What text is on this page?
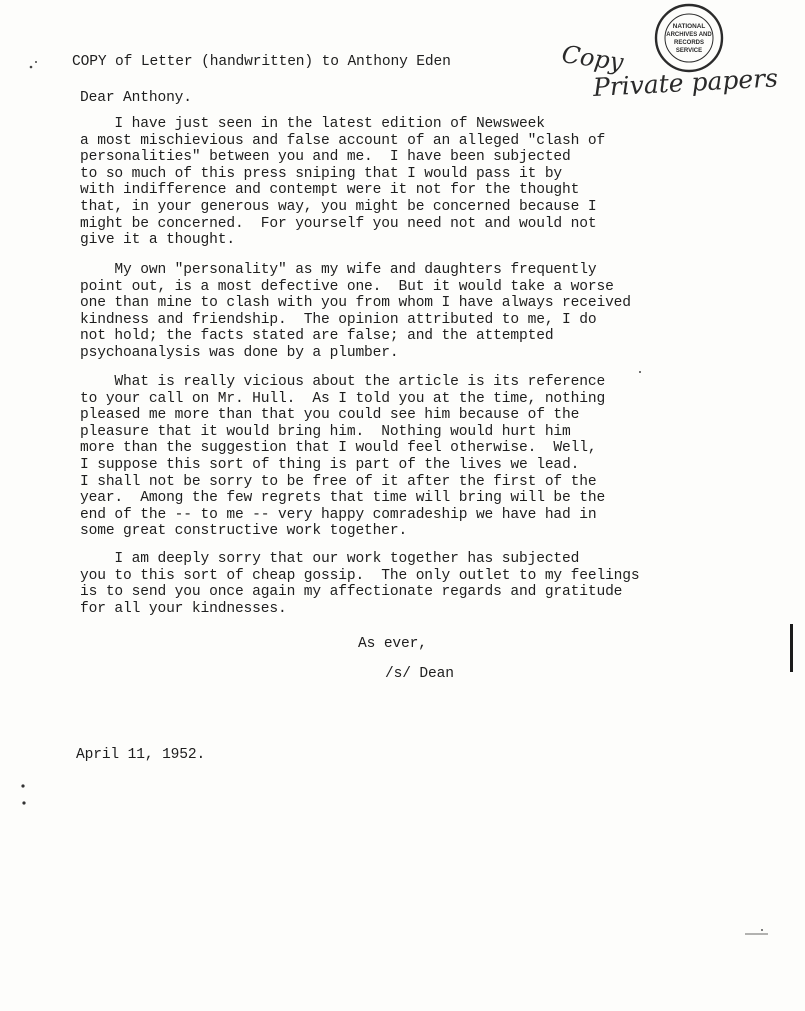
NATIONAL
ARCHIVES AND
RECORDS
SERVICE
Copy
Private papers
COPY of Letter (handwritten) to Anthony Eden
Dear Anthony.
I have just seen in the latest edition of Newsweek
a most mischievious and false account of an alleged "clash of
personalities" between you and me.  I have been subjected
to so much of this press sniping that I would pass it by
with indifference and contempt were it not for the thought
that, in your generous way, you might be concerned because I
might be concerned.  For yourself you need not and would not
give it a thought.
My own "personality" as my wife and daughters frequently
point out, is a most defective one.  But it would take a worse
one than mine to clash with you from whom I have always received
kindness and friendship.  The opinion attributed to me, I do
not hold; the facts stated are false; and the attempted
psychoanalysis was done by a plumber.
What is really vicious about the article is its reference
to your call on Mr. Hull.  As I told you at the time, nothing
pleased me more than that you could see him because of the
pleasure that it would bring him.  Nothing would hurt him
more than the suggestion that I would feel otherwise.  Well,
I suppose this sort of thing is part of the lives we lead.
I shall not be sorry to be free of it after the first of the
year.  Among the few regrets that time will bring will be the
end of the -- to me -- very happy comradeship we have had in
some great constructive work together.
I am deeply sorry that our work together has subjected
you to this sort of cheap gossip.  The only outlet to my feelings
is to send you once again my affectionate regards and gratitude
for all your kindnesses.
As ever,
/s/ Dean
April 11, 1952.
